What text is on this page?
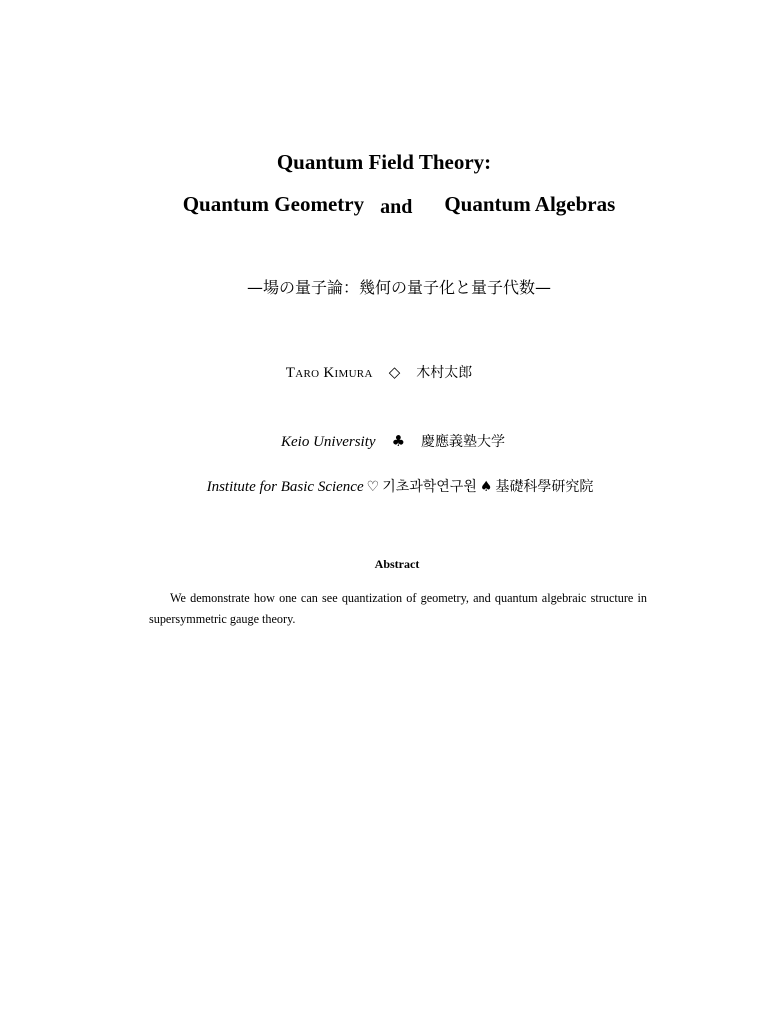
Quantum Field Theory:
Quantum Geometry and Quantum Algebras
—場の量子論：幾何の量子化と量子代数—
Taro Kimura ◇ 木村太郎
Keio University ♣ 慶應義塾大学
Institute for Basic Science ♡ 기초과학연구원 ♠ 基礎科學研究院
Abstract
We demonstrate how one can see quantization of geometry, and quantum algebraic structure in supersymmetric gauge theory.
